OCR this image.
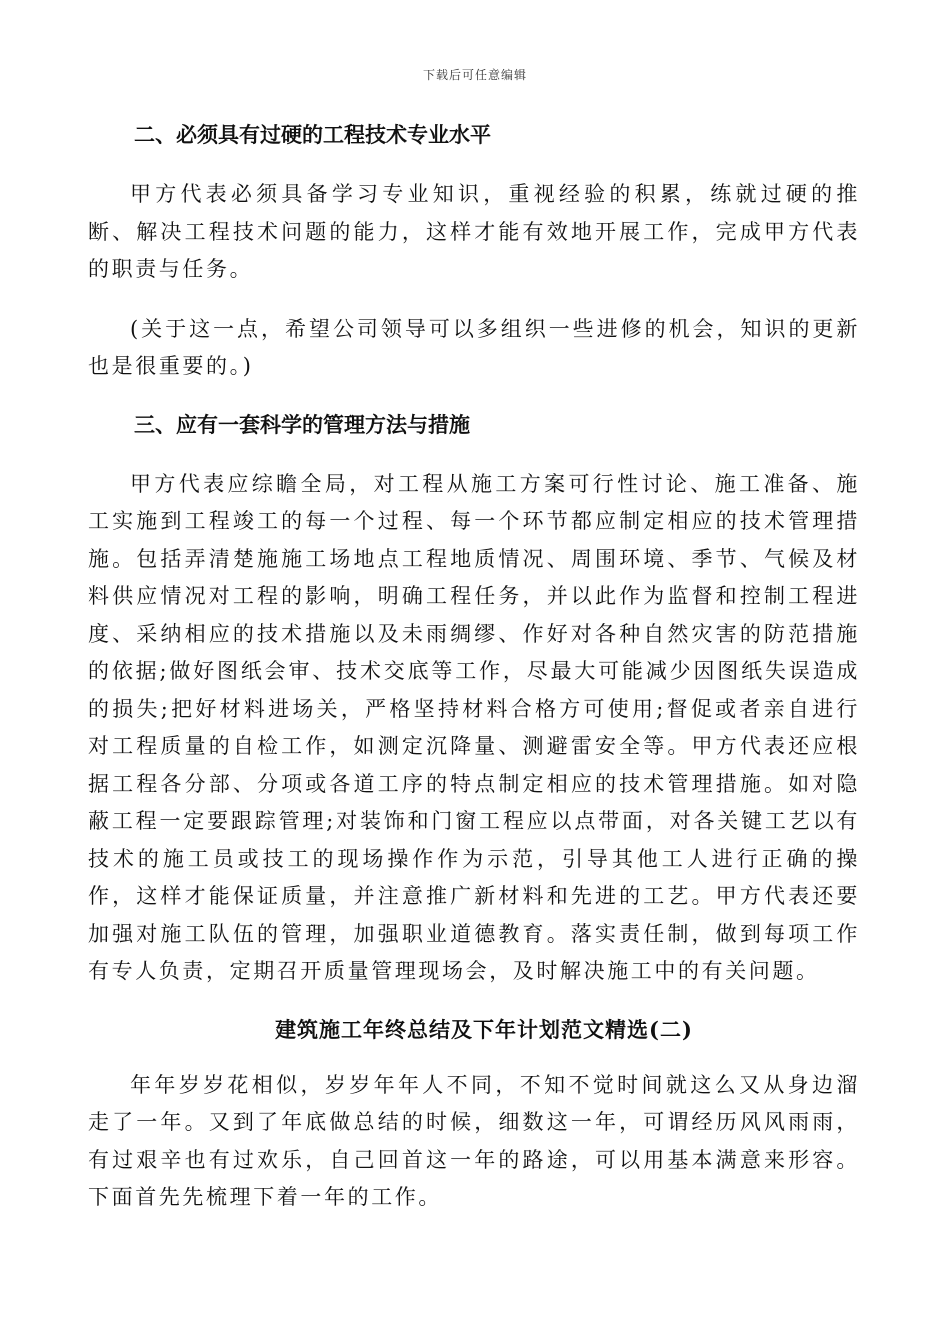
下载后可任意编辑

二、必须具有过硬的工程技术专业水平

甲方代表必须具备学习专业知识，重视经验的积累，练就过硬的推断、解决工程技术问题的能力，这样才能有效地开展工作，完成甲方代表的职责与任务。

(关于这一点，希望公司领导可以多组织一些进修的机会，知识的更新也是很重要的。)

三、应有一套科学的管理方法与措施

甲方代表应综瞻全局，对工程从施工方案可行性讨论、施工准备、施工实施到工程竣工的每一个过程、每一个环节都应制定相应的技术管理措施。包括弄清楚施施工场地点工程地质情况、周围环境、季节、气候及材料供应情况对工程的影响，明确工程任务，并以此作为监督和控制工程进度、采纳相应的技术措施以及未雨绸缪、作好对各种自然灾害的防范措施的依据;做好图纸会审、技术交底等工作，尽最大可能减少因图纸失误造成的损失;把好材料进场关，严格坚持材料合格方可使用;督促或者亲自进行对工程质量的自检工作，如测定沉降量、测避雷安全等。甲方代表还应根据工程各分部、分项或各道工序的特点制定相应的技术管理措施。如对隐蔽工程一定要跟踪管理;对装饰和门窗工程应以点带面，对各关键工艺以有技术的施工员或技工的现场操作作为示范，引导其他工人进行正确的操作，这样才能保证质量，并注意推广新材料和先进的工艺。甲方代表还要加强对施工队伍的管理，加强职业道德教育。落实责任制，做到每项工作有专人负责，定期召开质量管理现场会，及时解决施工中的有关问题。

建筑施工年终总结及下年计划范文精选(二)

年年岁岁花相似，岁岁年年人不同，不知不觉时间就这么又从身边溜走了一年。又到了年底做总结的时候，细数这一年，可谓经历风风雨雨，有过艰辛也有过欢乐，自己回首这一年的路途，可以用基本满意来形容。下面首先先梳理下着一年的工作。
